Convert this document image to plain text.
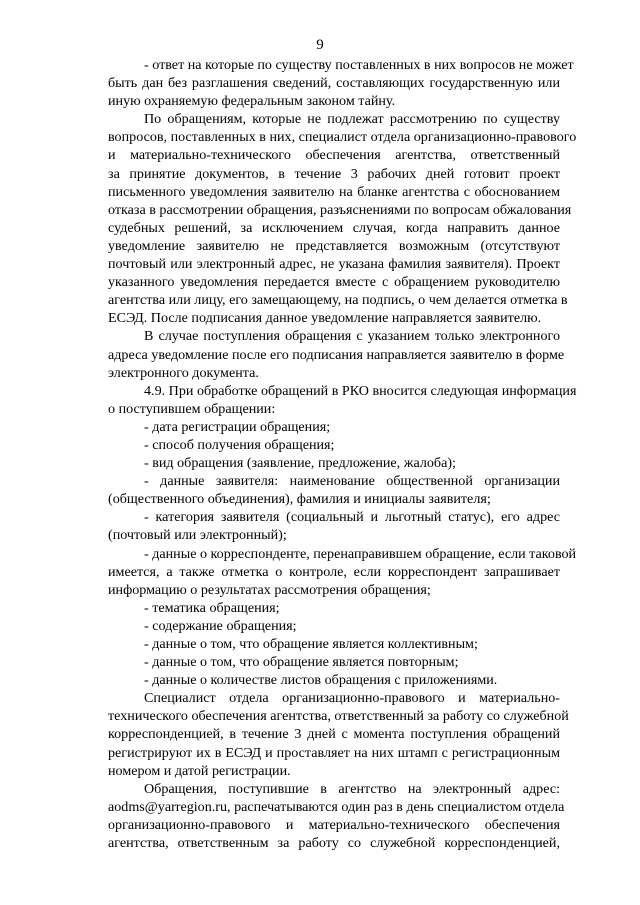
9
- ответ на которые по существу поставленных в них вопросов не может
быть дан без разглашения сведений, составляющих государственную или
иную охраняемую федеральным законом тайну.
По обращениям, которые не подлежат рассмотрению по существу
вопросов, поставленных в них, специалист отдела организационно-правового
и материально-технического обеспечения агентства, ответственный
за принятие документов, в течение 3 рабочих дней готовит проект
письменного уведомления заявителю на бланке агентства с обоснованием
отказа в рассмотрении обращения, разъяснениями по вопросам обжалования
судебных решений, за исключением случая, когда направить данное
уведомление заявителю не представляется возможным (отсутствуют
почтовый или электронный адрес, не указана фамилия заявителя). Проект
указанного уведомления передается вместе с обращением руководителю
агентства или лицу, его замещающему, на подпись, о чем делается отметка в
ЕСЭД. После подписания данное уведомление направляется заявителю.
В случае поступления обращения с указанием только электронного
адреса уведомление после его подписания направляется заявителю в форме
электронного документа.
4.9. При обработке обращений в РКО вносится следующая информация
о поступившем обращении:
- дата регистрации обращения;
- способ получения обращения;
- вид обращения (заявление, предложение, жалоба);
- данные заявителя: наименование общественной организации
(общественного объединения), фамилия и инициалы заявителя;
- категория заявителя (социальный и льготный статус), его адрес
(почтовый или электронный);
- данные о корреспонденте, перенаправившем обращение, если таковой
имеется, а также отметка о контроле, если корреспондент запрашивает
информацию о результатах рассмотрения обращения;
- тематика обращения;
- содержание обращения;
- данные о том, что обращение является коллективным;
- данные о том, что обращение является повторным;
- данные о количестве листов обращения с приложениями.
Специалист отдела организационно-правового и материально-
технического обеспечения агентства, ответственный за работу со служебной
корреспонденцией, в течение 3 дней с момента поступления обращений
регистрируют их в ЕСЭД и проставляет на них штамп с регистрационным
номером и датой регистрации.
Обращения, поступившие в агентство на электронный адрес:
aodms@yarregion.ru, распечатываются один раз в день специалистом отдела
организационно-правового и материально-технического обеспечения
агентства, ответственным за работу со служебной корреспонденцией,
